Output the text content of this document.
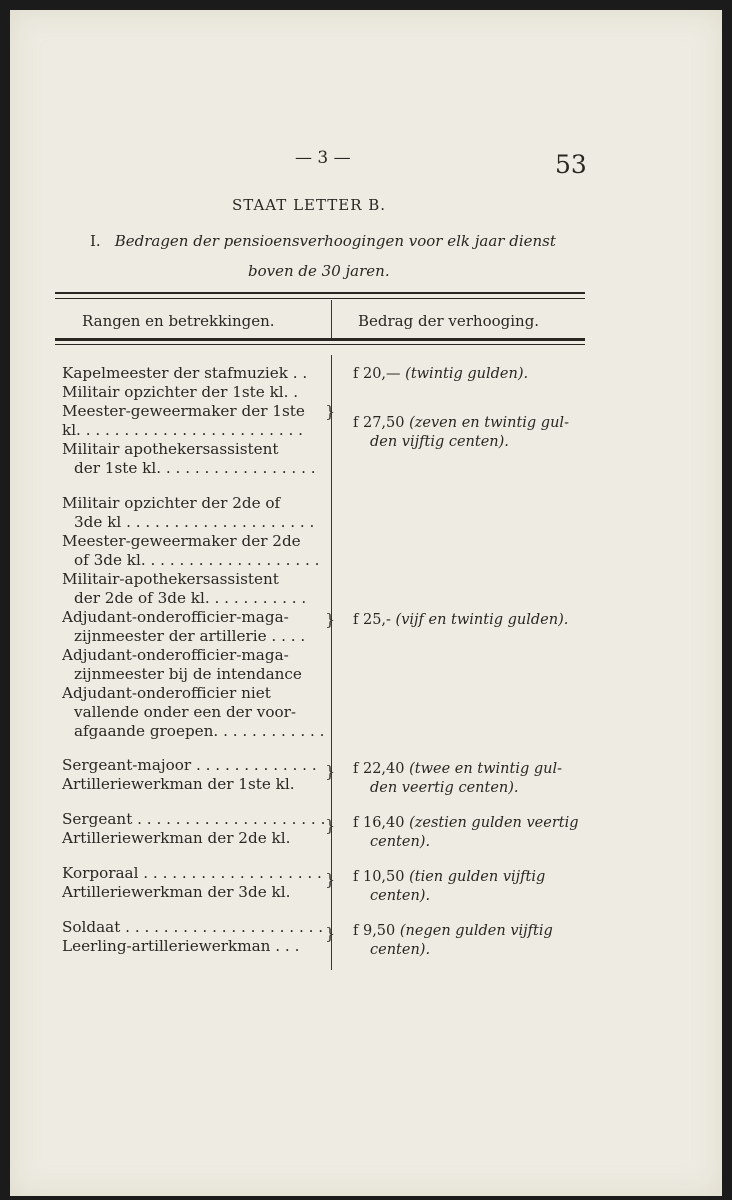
— 3 —	53
STAAT LETTER B.
I. Bedragen der pensioensverhoogingen voor elk jaar dienst
boven de 30 jaren.
Rangen en betrekkingen.	Bedrag der verhooging.
Kapelmeester der stafmuziek . .
Militair opzichter der 1ste kl. .
Meester-geweermaker der 1ste
kl. . . . . . . . . . . . . . . . . . . . . . . .
Militair apothekersassistent
der 1ste kl. . . . . . . . . . . . . . . . .
Militair opzichter der 2de of
3de kl . . . . . . . . . . . . . . . . . . . .
Meester-geweermaker der 2de
of 3de kl. . . . . . . . . . . . . . . . . . .
Militair-apothekersassistent
der 2de of 3de kl. . . . . . . . . . .
Adjudant-onderofficier-maga-
zijnmeester der artillerie . . . .
Adjudant-onderofficier-maga-
zijnmeester bij de intendance
Adjudant-onderofficier niet
vallende onder een der voor-
afgaande groepen. . . . . . . . . . . .
Sergeant-majoor . . . . . . . . . . . . .
Artilleriewerkman der 1ste kl.
Sergeant . . . . . . . . . . . . . . . . . . . .
Artilleriewerkman der 2de kl.
Korporaal . . . . . . . . . . . . . . . . . . .
Artilleriewerkman der 3de kl.
Soldaat . . . . . . . . . . . . . . . . . . . . .
Leerling-artilleriewerkman . . .
}
}
}
}
}
}
f 20,— (twintig gulden).
f 27,50 (zeven en twintig gul-
den vijftig centen).
f 25,- (vijf en twintig gulden).
f 22,40 (twee en twintig gul-
den veertig centen).
f 16,40 (zestien gulden veertig
centen).
f 10,50 (tien gulden vijftig
centen).
f 9,50 (negen gulden vijftig
centen).
